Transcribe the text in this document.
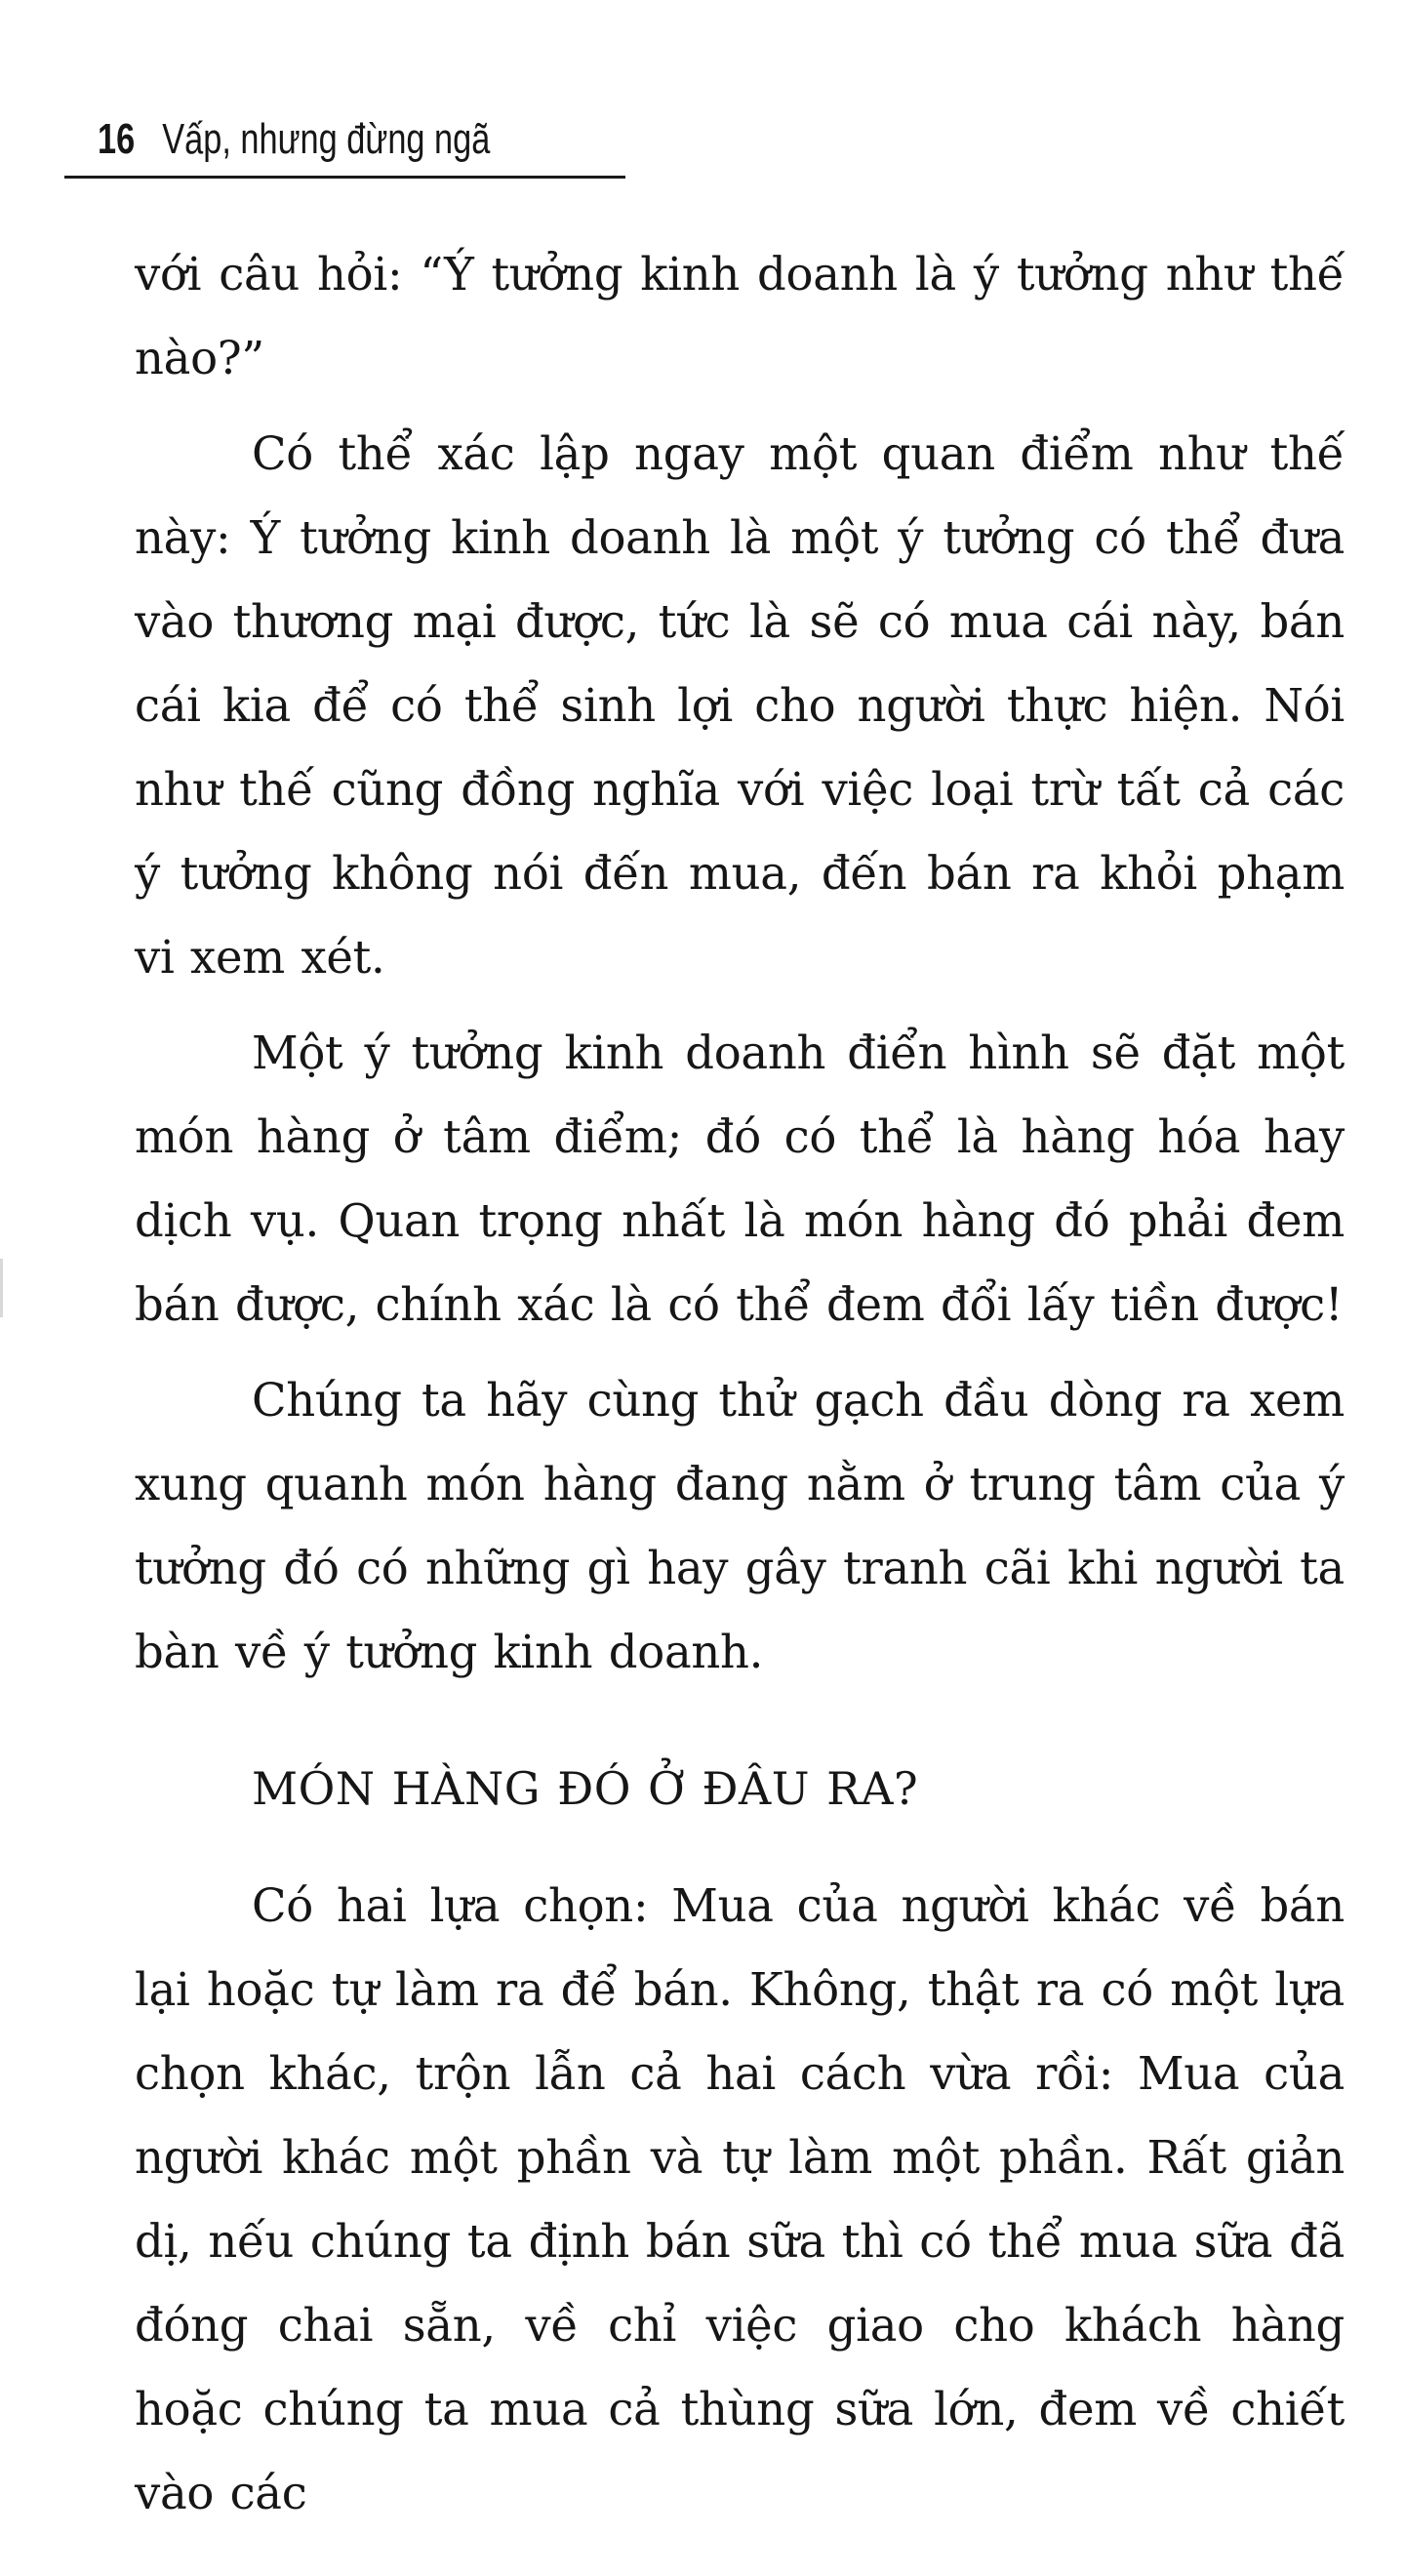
16 Vấp, nhưng đừng ngã

với câu hỏi: “Ý tưởng kinh doanh là ý tưởng như thế nào?”

Có thể xác lập ngay một quan điểm như thế này: Ý tưởng kinh doanh là một ý tưởng có thể đưa vào thương mại được, tức là sẽ có mua cái này, bán cái kia để có thể sinh lợi cho người thực hiện. Nói như thế cũng đồng nghĩa với việc loại trừ tất cả các ý tưởng không nói đến mua, đến bán ra khỏi phạm vi xem xét.

Một ý tưởng kinh doanh điển hình sẽ đặt một món hàng ở tâm điểm; đó có thể là hàng hóa hay dịch vụ. Quan trọng nhất là món hàng đó phải đem bán được, chính xác là có thể đem đổi lấy tiền được!

Chúng ta hãy cùng thử gạch đầu dòng ra xem xung quanh món hàng đang nằm ở trung tâm của ý tưởng đó có những gì hay gây tranh cãi khi người ta bàn về ý tưởng kinh doanh.

MÓN HÀNG ĐÓ Ở ĐÂU RA?

Có hai lựa chọn: Mua của người khác về bán lại hoặc tự làm ra để bán. Không, thật ra có một lựa chọn khác, trộn lẫn cả hai cách vừa rồi: Mua của người khác một phần và tự làm một phần. Rất giản dị, nếu chúng ta định bán sữa thì có thể mua sữa đã đóng chai sẵn, về chỉ việc giao cho khách hàng hoặc chúng ta mua cả thùng sữa lớn, đem về chiết vào các
